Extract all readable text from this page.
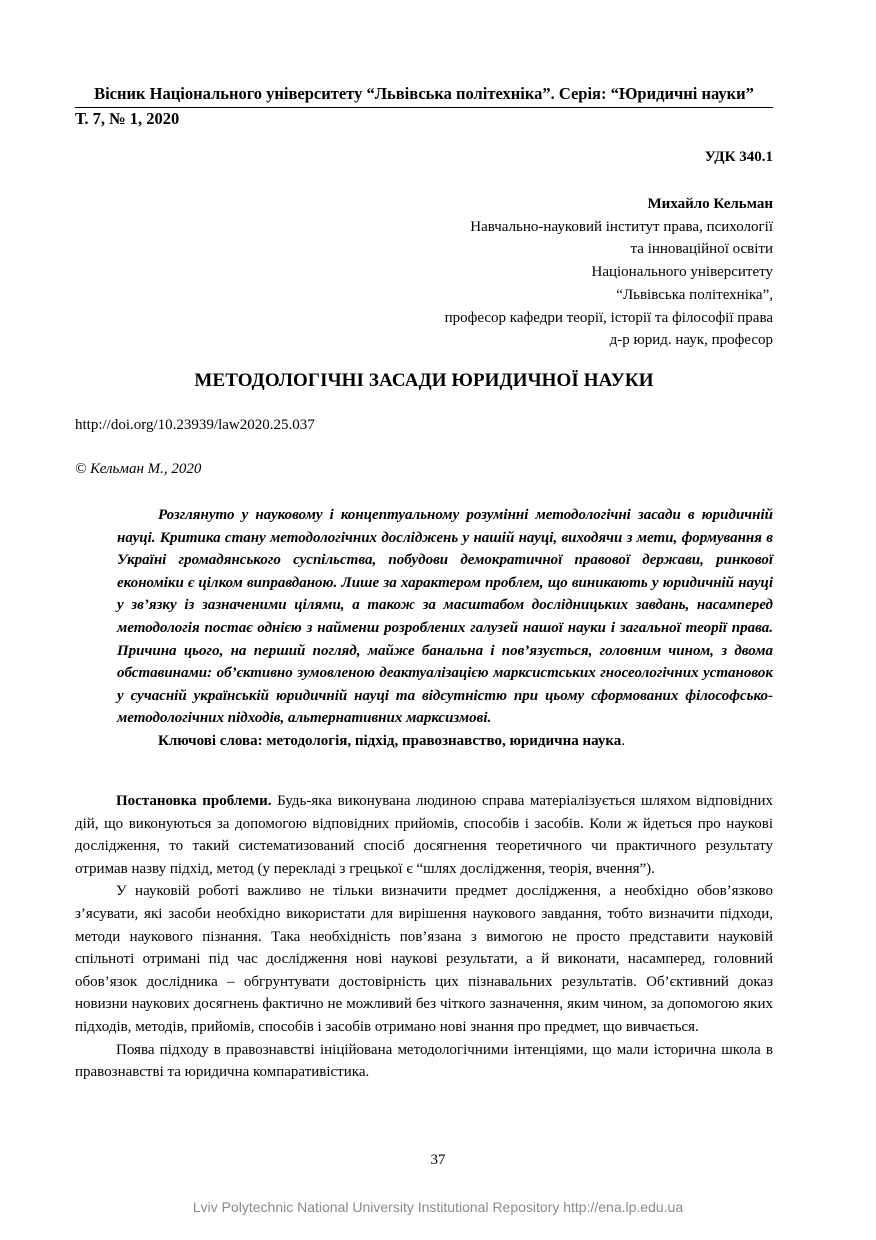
Вісник Національного університету “Львівська політехніка”. Серія: “Юридичні науки”
Т. 7, № 1, 2020
УДК 340.1
Михайло Кельман
Навчально-науковий інститут права, психології
та інноваційної освіти
Національного університету
“Львівська політехніка”,
професор кафедри теорії, історії та філософії права
д-р юрид. наук, професор
МЕТОДОЛОГІЧНІ ЗАСАДИ ЮРИДИЧНОЇ НАУКИ
http://doi.org/10.23939/law2020.25.037
© Кельман М., 2020

Розглянуто у науковому і концептуальному розумінні методологічні засади в юридичній науці. Критика стану методологічних досліджень у нашій науці, виходячи з мети, формування в Україні громадянського суспільства, побудови демократичної правової держави, ринкової економіки є цілком виправданою. Лише за характером проблем, що виникають у юридичній науці у зв’язку із зазначеними цілями, а також за масштабом дослідницьких завдань, насамперед методологія постає однією з найменш розроблених галузей нашої науки і загальної теорії права. Причина цього, на перший погляд, майже банальна і пов’язується, головним чином, з двома обставинами: об’єктивно зумовленою деактуалізацією марксистських гносеологічних установок у сучасній українській юридичній науці та відсутністю при цьому сформованих філософсько-методологічних підходів, альтернативних марксизмові.

Ключові слова: методологія, підхід, правознавство, юридична наука.

Постановка проблеми. Будь-яка виконувана людиною справа матеріалізується шляхом відповідних дій, що виконуються за допомогою відповідних прийомів, способів і засобів. Коли ж йдеться про наукові дослідження, то такий систематизований спосіб досягнення теоретичного чи практичного результату отримав назву підхід, метод (у перекладі з грецької є “шлях дослідження, теорія, вчення”).

У науковій роботі важливо не тільки визначити предмет дослідження, а необхідно обов’язково з’ясувати, які засоби необхідно використати для вирішення наукового завдання, тобто визначити підходи, методи наукового пізнання. Така необхідність пов’язана з вимогою не просто представити науковій спільноті отримані під час дослідження нові наукові результати, а й виконати, насамперед, головний обов’язок дослідника – обгрунтувати достовірність цих пізнавальних результатів. Об’єктивний доказ новизни наукових досягнень фактично не можливий без чіткого зазначення, яким чином, за допомогою яких підходів, методів, прийомів, способів і засобів отримано нові знання про предмет, що вивчається.

Поява підходу в правознавстві ініційована методологічними інтенціями, що мали історична школа в правознавстві та юридична компаративістика.

37
Lviv Polytechnic National University Institutional Repository http://ena.lp.edu.ua
